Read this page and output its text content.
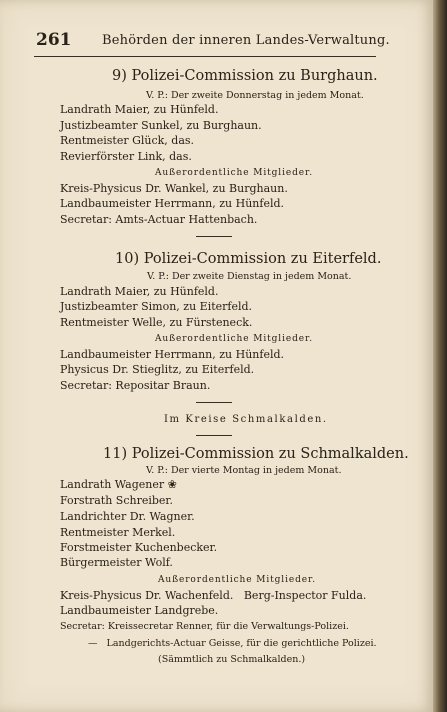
261 Behörden der inneren Landes-Verwaltung.
9) Polizei-Commission zu Burghaun.
V. P.: Der zweite Donnerstag in jedem Monat.
Landrath Maier, zu Hünfeld.
Justizbeamter Sunkel, zu Burghaun.
Rentmeister Glück, das.
Revierförster Link, das.
Außerordentliche Mitglieder.
Kreis-Physicus Dr. Wankel, zu Burghaun.
Landbaumeister Herrmann, zu Hünfeld.
Secretar: Amts-Actuar Hattenbach.
10) Polizei-Commission zu Eiterfeld.
V. P.: Der zweite Dienstag in jedem Monat.
Landrath Maier, zu Hünfeld.
Justizbeamter Simon, zu Eiterfeld.
Rentmeister Welle, zu Fürsteneck.
Außerordentliche Mitglieder.
Landbaumeister Herrmann, zu Hünfeld.
Physicus Dr. Stieglitz, zu Eiterfeld.
Secretar: Repositar Braun.
Im Kreise Schmalkalden.
11) Polizei-Commission zu Schmalkalden.
V. P.: Der vierte Montag in jedem Monat.
Landrath Wagener ❀
Forstrath Schreiber.
Landrichter Dr. Wagner.
Rentmeister Merkel.
Forstmeister Kuchenbecker.
Bürgermeister Wolf.
Außerordentliche Mitglieder.
Kreis-Physicus Dr. Wachenfeld.   Berg-Inspector Fulda.
Landbaumeister Landgrebe.
Secretar: Kreissecretar Renner, für die Verwaltungs-Polizei.
—   Landgerichts-Actuar Geisse, für die gerichtliche Polizei.
(Sämmtlich zu Schmalkalden.)
